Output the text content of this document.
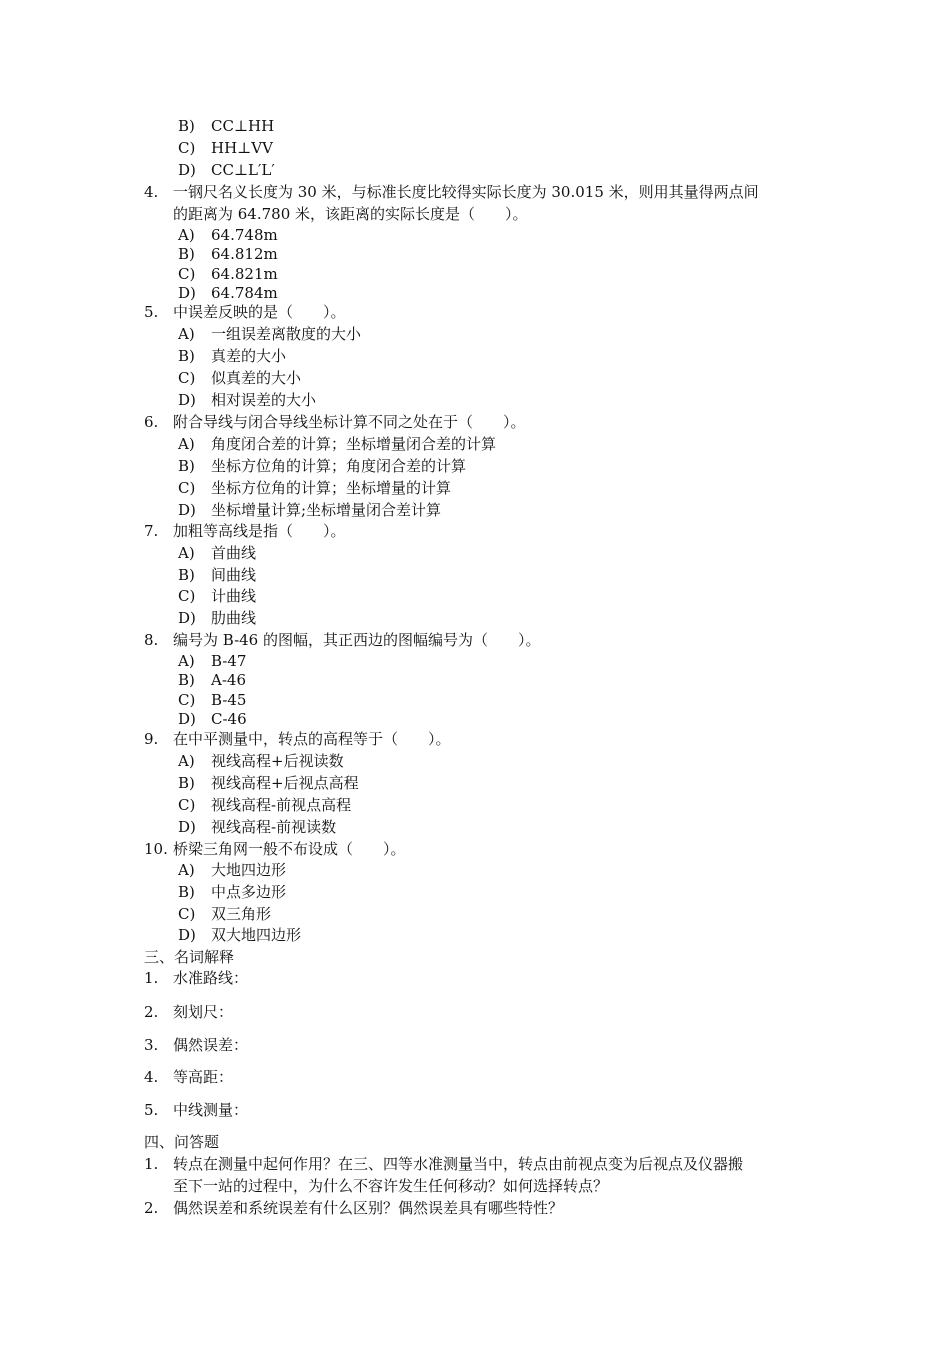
B) CC⊥HH
C) HH⊥VV
D) CC⊥L′L′
4. 一钢尺名义长度为 30 米，与标准长度比较得实际长度为 30.015 米，则用其量得两点间
的距离为 64.780 米，该距离的实际长度是（　　）。
A) 64.748m
B) 64.812m
C) 64.821m
D) 64.784m
5. 中误差反映的是（　　）。
A) 一组误差离散度的大小
B) 真差的大小
C) 似真差的大小
D) 相对误差的大小
6. 附合导线与闭合导线坐标计算不同之处在于（　　）。
A) 角度闭合差的计算；坐标增量闭合差的计算
B) 坐标方位角的计算；角度闭合差的计算
C) 坐标方位角的计算；坐标增量的计算
D) 坐标增量计算;坐标增量闭合差计算
7. 加粗等高线是指（　　）。
A) 首曲线
B) 间曲线
C) 计曲线
D) 肋曲线
8. 编号为 B-46 的图幅，其正西边的图幅编号为（　　）。
A) B-47
B) A-46
C) B-45
D) C-46
9. 在中平测量中，转点的高程等于（　　）。
A) 视线高程+后视读数
B) 视线高程+后视点高程
C) 视线高程-前视点高程
D) 视线高程-前视读数
10. 桥梁三角网一般不布设成（　　）。
A) 大地四边形
B) 中点多边形
C) 双三角形
D) 双大地四边形
三、名词解释
1. 水准路线：
2. 刻划尺：
3. 偶然误差：
4. 等高距：
5. 中线测量：
四、问答题
1. 转点在测量中起何作用？在三、四等水准测量当中，转点由前视点变为后视点及仪器搬
至下一站的过程中，为什么不容许发生任何移动？如何选择转点？
2. 偶然误差和系统误差有什么区别？偶然误差具有哪些特性？
